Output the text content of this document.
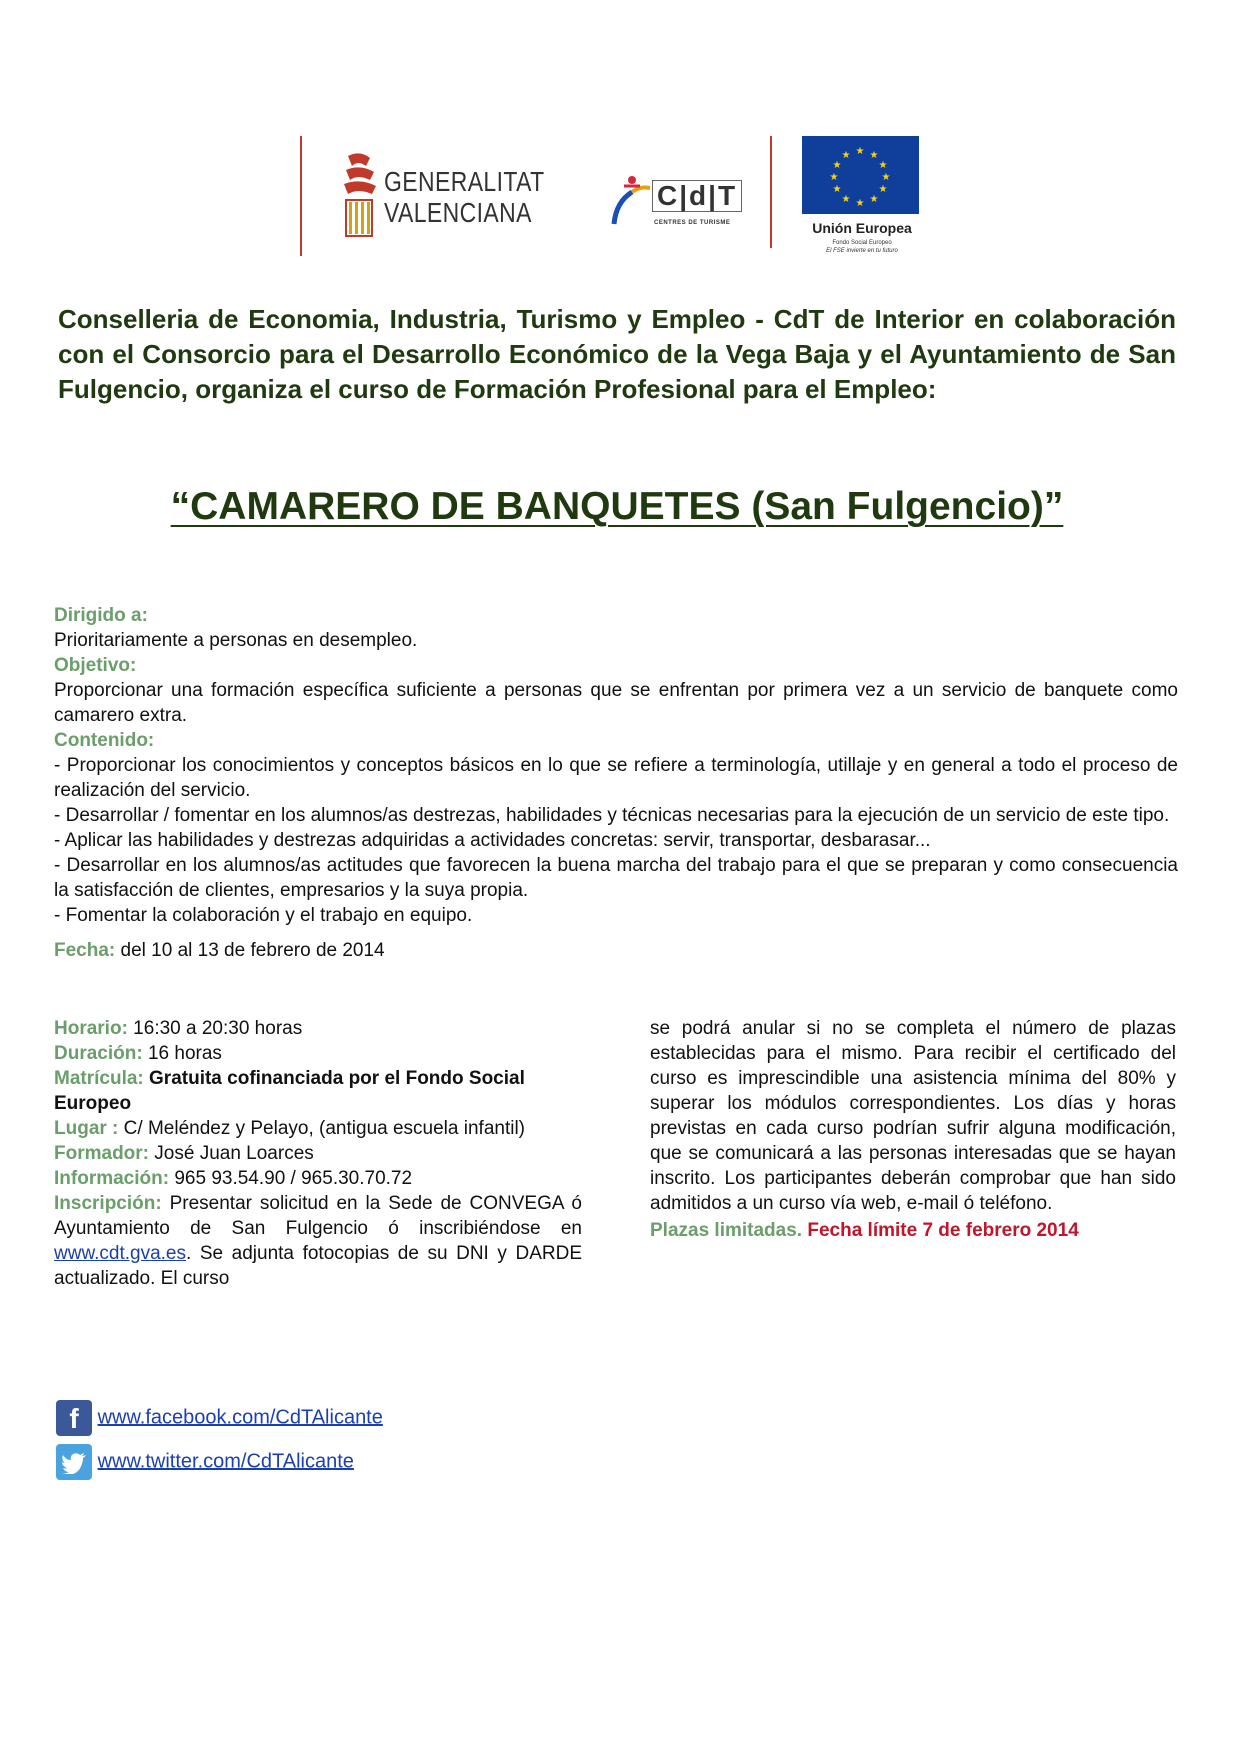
GENERALITAT
VALENCIANA
C|d|T
CENTRES DE TURISME
★ ★
★
★
★
★
★
★
★
★
★
★
Unión Europea
Fondo Social Europeo
El FSE invierte en tu futuro
Conselleria de Economia, Industria, Turismo y Empleo - CdT de Interior en colaboración con el Consorcio para el Desarrollo Económico de la Vega Baja y el Ayuntamiento de San Fulgencio, organiza el curso de Formación Profesional para el Empleo:
“CAMARERO DE BANQUETES (San Fulgencio)”
Dirigido a:
Prioritariamente a personas en desempleo.
Objetivo:
Proporcionar una formación específica suficiente a personas que se enfrentan por primera vez a un servicio de banquete como camarero extra.
Contenido:
- Proporcionar los conocimientos y conceptos básicos en lo que se refiere a terminología, utillaje y en general a todo el proceso de realización del servicio.
- Desarrollar / fomentar en los alumnos/as destrezas, habilidades y técnicas necesarias para la ejecución de un servicio de este tipo.
- Aplicar las habilidades y destrezas adquiridas a actividades concretas: servir, transportar, desbarasar...
- Desarrollar en los alumnos/as actitudes que favorecen la buena marcha del trabajo para el que se preparan y como consecuencia la satisfacción de clientes, empresarios y la suya propia.
- Fomentar la colaboración y el trabajo en equipo.
Fecha: del 10 al 13 de febrero de 2014
Horario: 16:30 a 20:30 horas
Duración: 16 horas
Matrícula: Gratuita cofinanciada por el Fondo Social Europeo
Lugar : C/ Meléndez y Pelayo, (antigua escuela infantil)
Formador: José Juan Loarces
Información: 965 93.54.90 / 965.30.70.72
Inscripción: Presentar solicitud en la Sede de CONVEGA ó Ayuntamiento de San Fulgencio ó inscribiéndose en www.cdt.gva.es. Se adjunta fotocopias de su DNI y DARDE actualizado. El curso
se podrá anular si no se completa el número de plazas establecidas para el mismo. Para recibir el certificado del curso es imprescindible una asistencia mínima del 80% y superar los módulos correspondientes. Los días y horas previstas en cada curso podrían sufrir alguna modificación, que se comunicará a las personas interesadas que se hayan inscrito. Los participantes deberán comprobar que han sido admitidos a un curso vía web, e-mail ó teléfono.
Plazas limitadas. Fecha límite 7 de febrero 2014
f www.facebook.com/CdTAlicante
www.twitter.com/CdTAlicante
